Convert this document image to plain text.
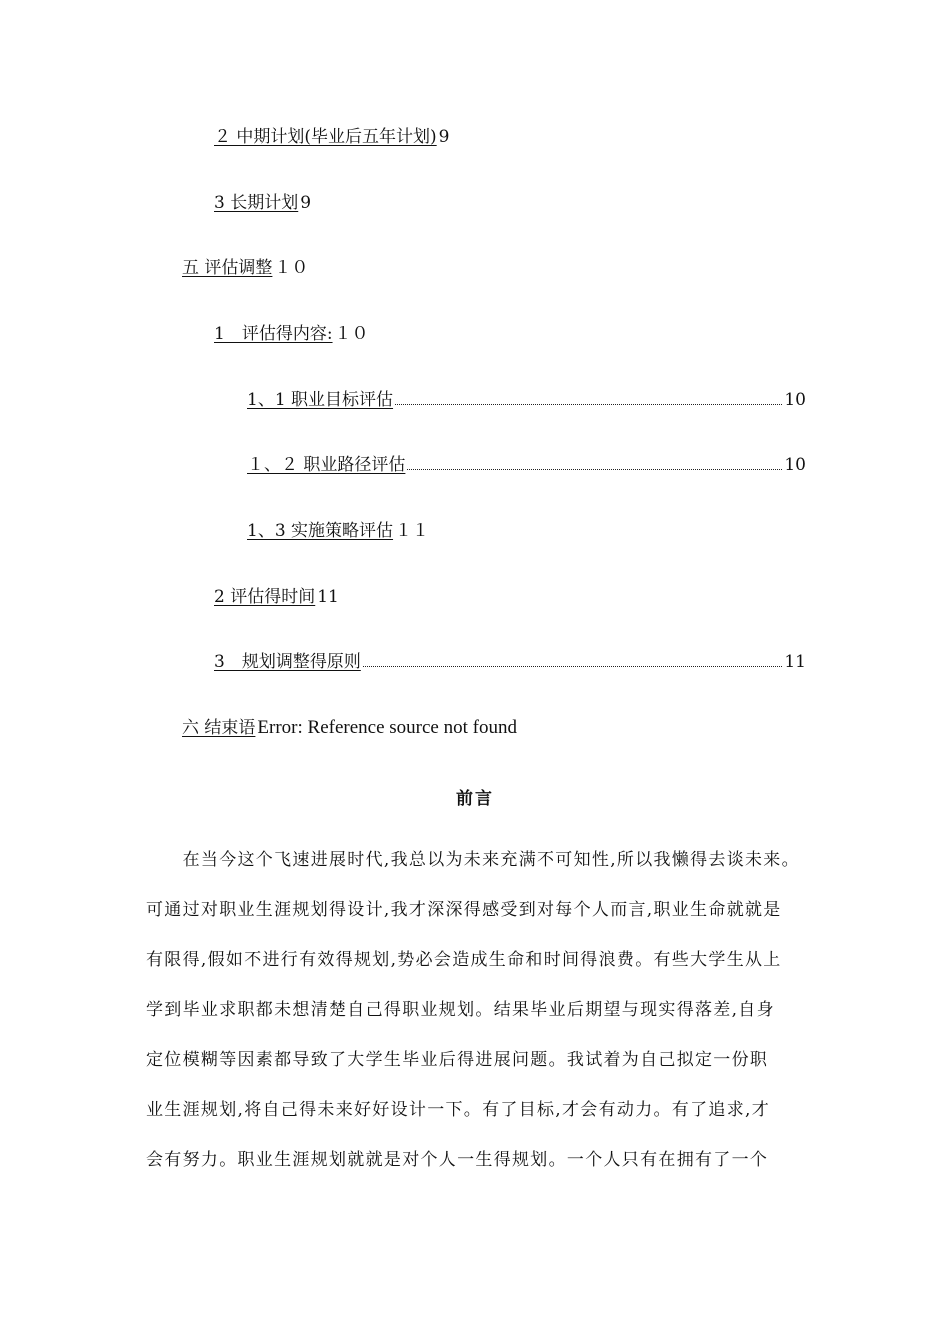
２ 中期计划(毕业后五年计划) 9
3 长期计划 9
五 评估调整 １０
1　评估得内容: １０
1、1 职业目标评估	10
１、２ 职业路径评估	10
1、3 实施策略评估 １１
2 评估得时间 11
3　规划调整得原则	11
六 结束语 Error: Reference source not found
前言
　　在当今这个飞速进展时代,我总以为未来充满不可知性,所以我懒得去谈未来。
可通过对职业生涯规划得设计,我才深深得感受到对每个人而言,职业生命就就是
有限得,假如不进行有效得规划,势必会造成生命和时间得浪费。有些大学生从上
学到毕业求职都未想清楚自己得职业规划。结果毕业后期望与现实得落差,自身
定位模糊等因素都导致了大学生毕业后得进展问题。我试着为自己拟定一份职
业生涯规划,将自己得未来好好设计一下。有了目标,才会有动力。有了追求,才
会有努力。职业生涯规划就就是对个人一生得规划。一个人只有在拥有了一个
